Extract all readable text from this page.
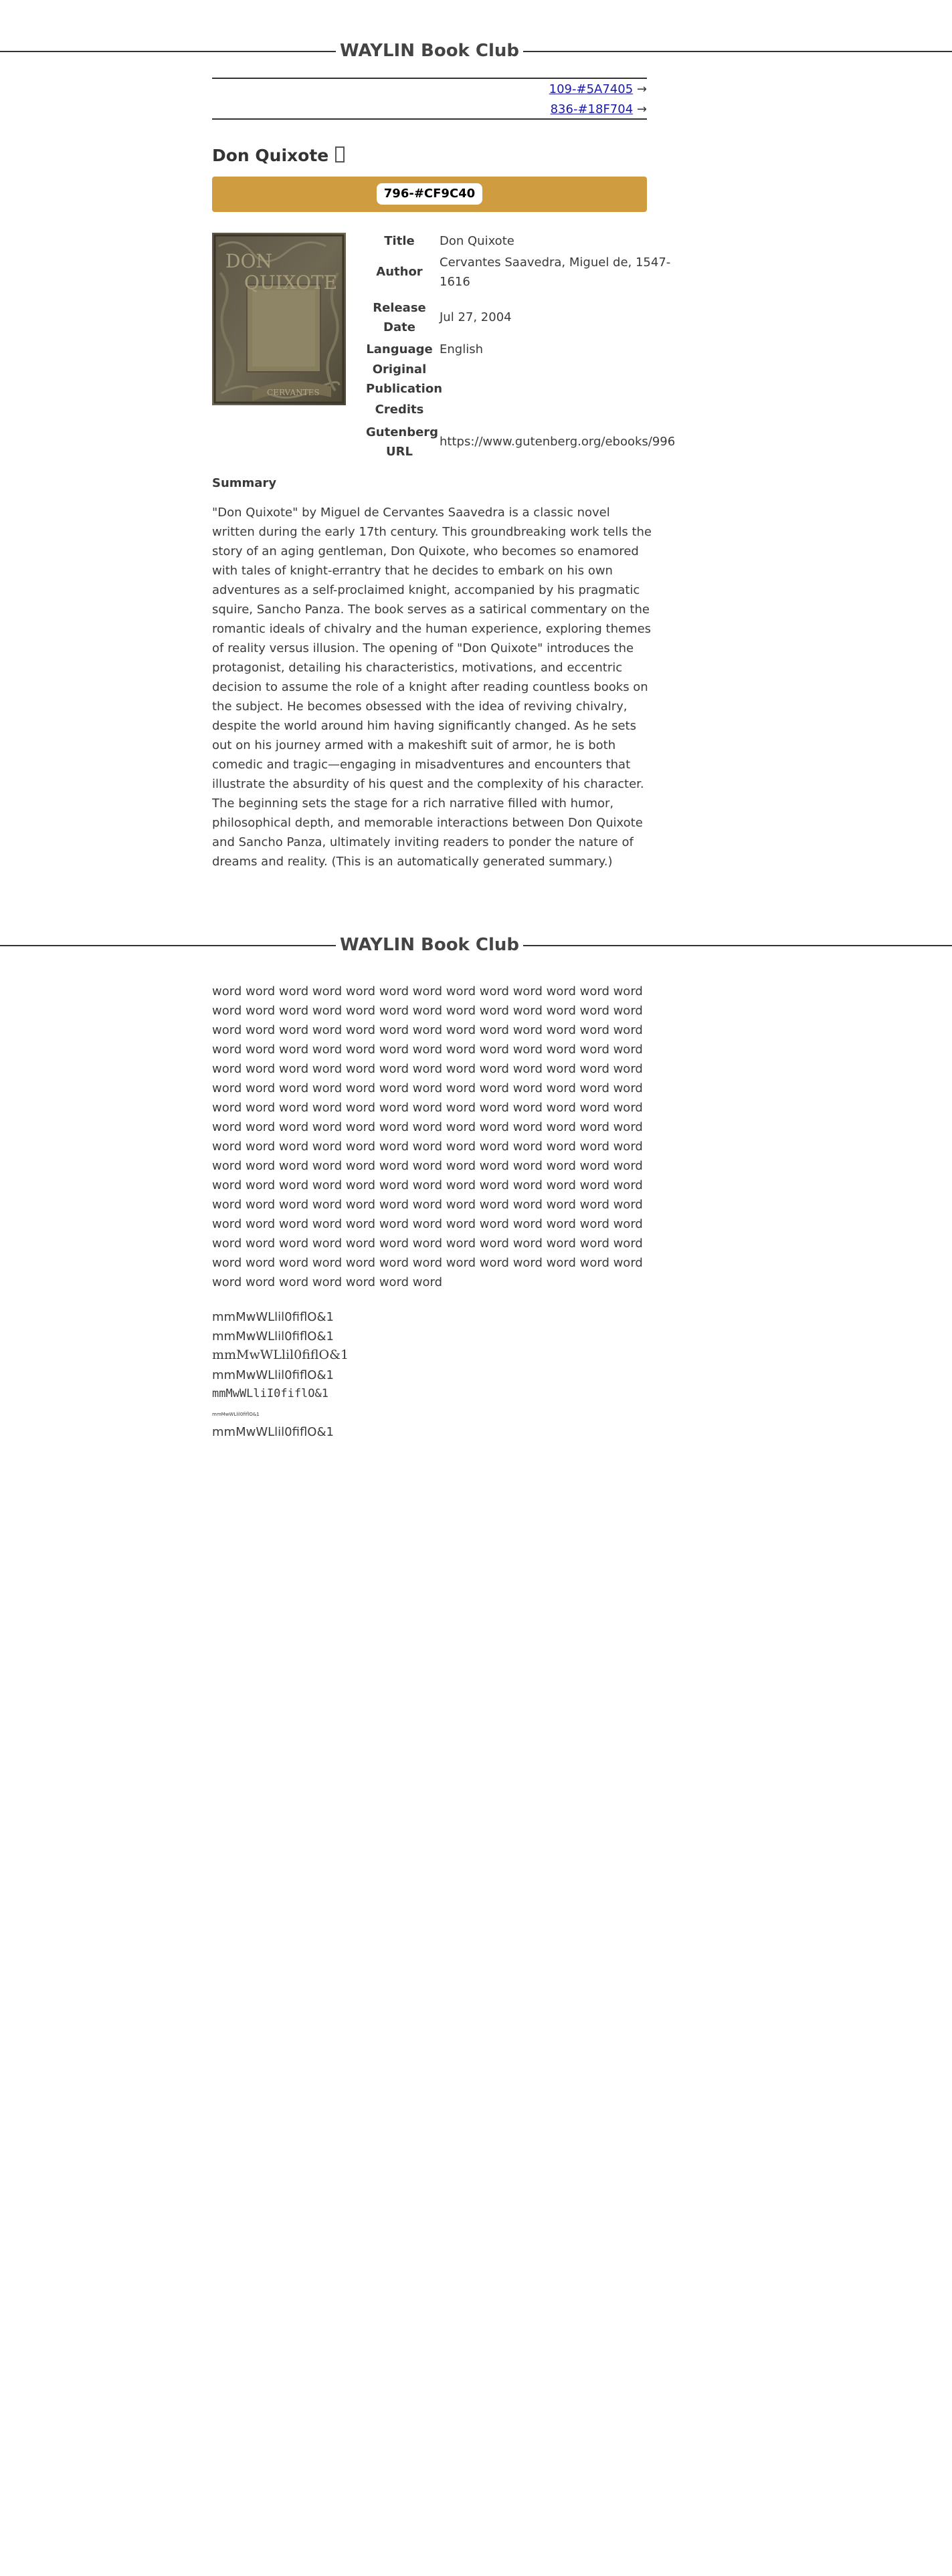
WAYLIN Book Club
109-#5A7405 →
836-#18F704 →
Don Quixote
796-#CF9C40
DON
QUIXOTE
CERVANTES
Title	Don Quixote
Author
Cervantes Saavedra, Miguel de, 1547-1616
Release Date
Jul 27, 2004
Language English
Original Publication
Credits
Gutenberg URL
https://www.gutenberg.org/ebooks/996
Summary
"Don Quixote" by Miguel de Cervantes Saavedra is a classic novel written during the early 17th century. This groundbreaking work tells the story of an aging gentleman, Don Quixote, who becomes so enamored with tales of knight-errantry that he decides to embark on his own adventures as a self-proclaimed knight, accompanied by his pragmatic squire, Sancho Panza. The book serves as a satirical commentary on the romantic ideals of chivalry and the human experience, exploring themes of reality versus illusion. The opening of "Don Quixote" introduces the protagonist, detailing his characteristics, motivations, and eccentric decision to assume the role of a knight after reading countless books on the subject. He becomes obsessed with the idea of reviving chivalry, despite the world around him having significantly changed. As he sets out on his journey armed with a makeshift suit of armor, he is both comedic and tragic—engaging in misadventures and encounters that illustrate the absurdity of his quest and the complexity of his character. The beginning sets the stage for a rich narrative filled with humor, philosophical depth, and memorable interactions between Don Quixote and Sancho Panza, ultimately inviting readers to ponder the nature of dreams and reality. (This is an automatically generated summary.)
WAYLIN Book Club
word word word word word word word word word word word word word word word word word word word word word word word word word word word word word word word word word word word word word word word word word word word word word word word word word word word word word word word word word word word word word word word word word word word word word word word word word word word word word word word word word word word word word word word word word word word word word word word word word word word word word word word word word word word word word word word word word word word word word word word word word word word word word word word word word word word word word word word word word word word word word word word word word word word word word word word word word word word word word word word word word word word word word word word word word word word word word word word word word word word word word word word word word word word word word word word word word word word word word word word word word word
mmMwWLlil0fiflO&1
mmMwWLlil0fiflO&1
mmMwWLlil0fiflO&1
mmMwWLlil0fiflO&1
mmMwWLliI0fiflO&1
mmMwWLlil0fiflO&1
mmMwWLlil0fiflO&1
